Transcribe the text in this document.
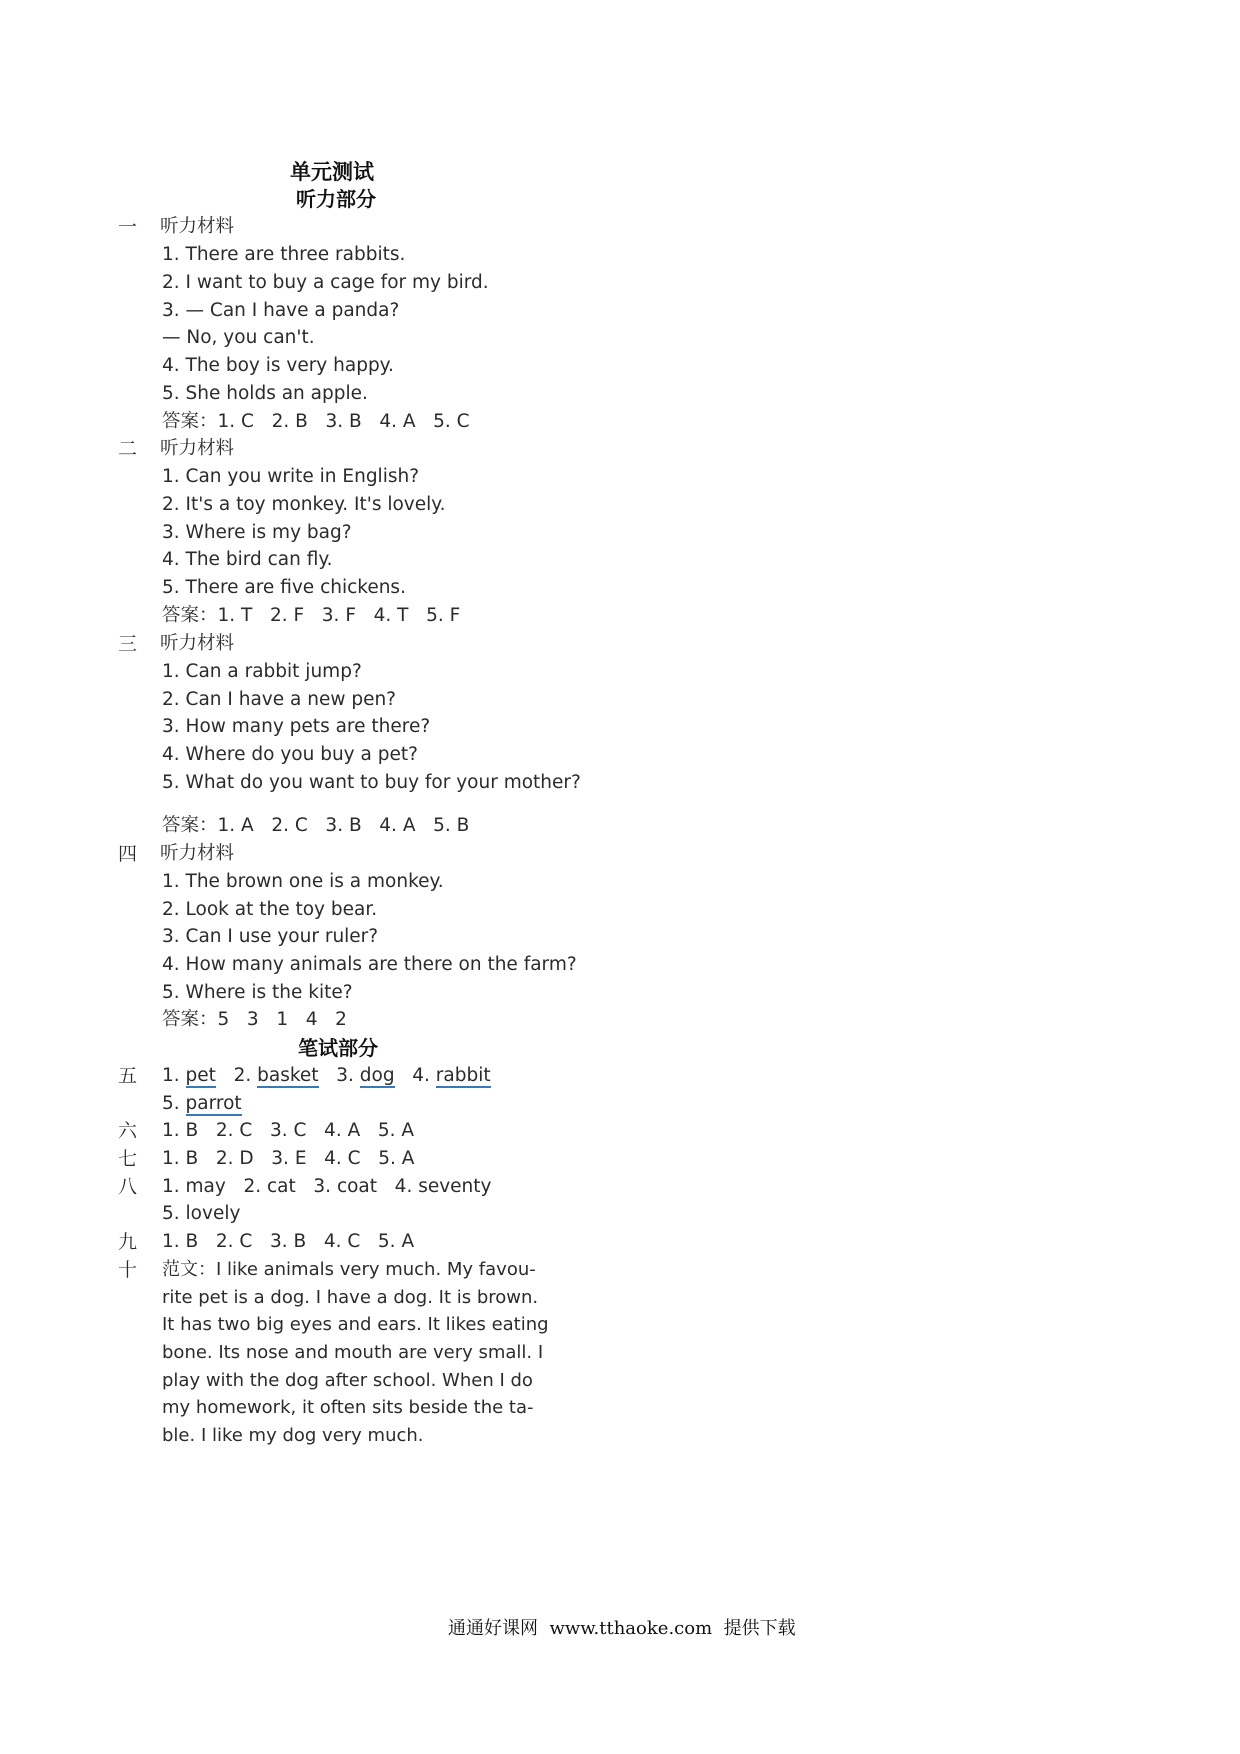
单元测试
听力部分
一 听力材料
1. There are three rabbits.
2. I want to buy a cage for my bird.
3. — Can I have a panda?
— No, you can't.
4. The boy is very happy.
5. She holds an apple.
答案：1. C   2. B   3. B   4. A   5. C
二 听力材料
1. Can you write in English?
2. It's a toy monkey. It's lovely.
3. Where is my bag?
4. The bird can fly.
5. There are five chickens.
答案：1. T   2. F   3. F   4. T   5. F
三 听力材料
1. Can a rabbit jump?
2. Can I have a new pen?
3. How many pets are there?
4. Where do you buy a pet?
5. What do you want to buy for your mother?
答案：1. A   2. C   3. B   4. A   5. B
四 听力材料
1. The brown one is a monkey.
2. Look at the toy bear.
3. Can I use your ruler?
4. How many animals are there on the farm?
5. Where is the kite?
答案：5   3   1   4   2
笔试部分
五 1. pet 2. basket 3. dog 4. rabbit
5. parrot
六 1. B   2. C   3. C   4. A   5. A
七 1. B   2. D   3. E   4. C   5. A
八 1. may   2. cat   3. coat   4. seventy
5. lovely
九 1. B   2. C   3. B   4. C   5. A
十 范文：I like animals very much. My favou-
rite pet is a dog. I have a dog. It is brown.
It has two big eyes and ears. It likes eating
bone. Its nose and mouth are very small. I
play with the dog after school. When I do
my homework, it often sits beside the ta-
ble. I like my dog very much.
通通好课网  www.tthaoke.com  提供下载
